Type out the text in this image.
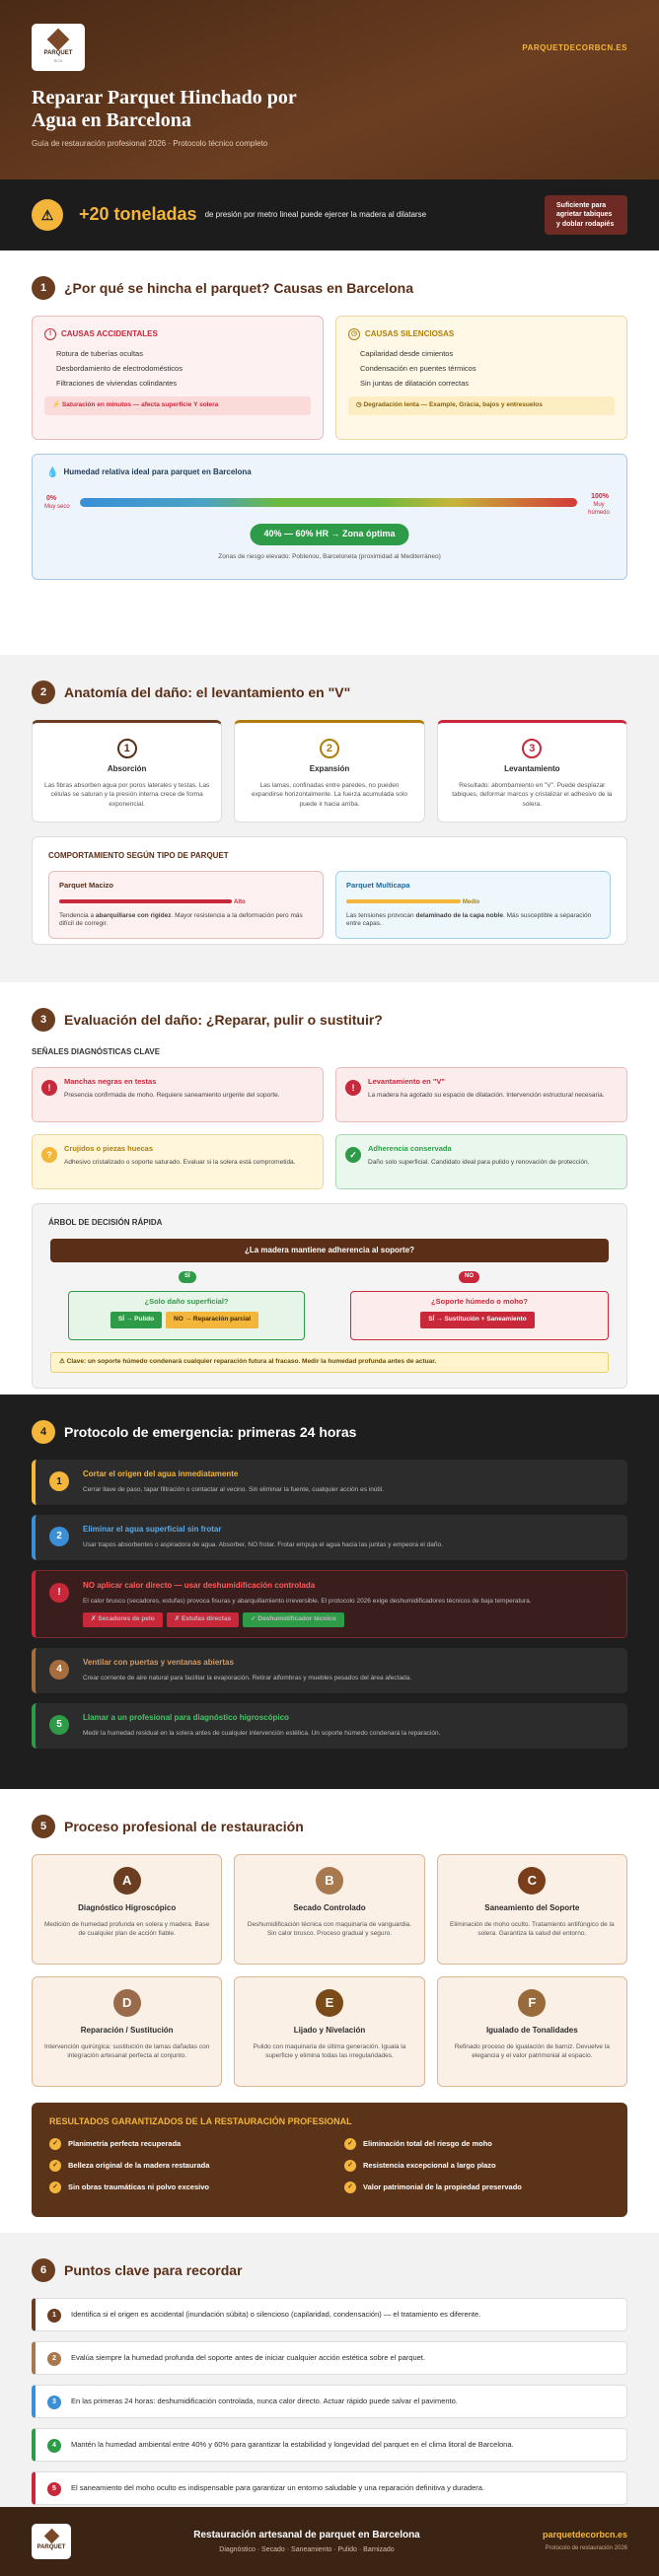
PARQUET
BCN
PARQUETDECORBCN.ES
Reparar Parquet Hinchado por Agua en Barcelona
Guía de restauración profesional 2026 · Protocolo técnico completo
⚠	+20 toneladas de presión por metro lineal puede ejercer la madera al dilatarse
Suficiente para agrietar tabiques y doblar rodapiés
1	¿Por qué se hincha el parquet? Causas en Barcelona
!	CAUSAS ACCIDENTALES
Rotura de tuberías ocultas
Desbordamiento de electrodomésticos
Filtraciones de viviendas colindantes
⚡ Saturación en minutos — afecta superficie Y solera
◷ CAUSAS SILENCIOSAS
Capilaridad desde cimientos
Condensación en puentes térmicos
Sin juntas de dilatación correctas
◷ Degradación lenta — Example, Gràcia, bajos y entresuelos
💧 Humedad relativa ideal para parquet en Barcelona
0%
Muy seco
100%
Muy húmedo
40% — 60% HR → Zona óptima
Zonas de riesgo elevado: Poblenou, Barceloneta (proximidad al Mediterráneo)
2	Anatomía del daño: el levantamiento en "V"
1
Absorción
Las fibras absorben agua por poros laterales y testas. Las células se saturan y la presión interna crece de forma exponencial.
2
Expansión
Las lamas, confinadas entre paredes, no pueden expandirse horizontalmente. La fuerza acumulada solo puede ir hacia arriba.
3
Levantamiento
Resultado: abombamiento en "V". Puede desplazar tabiques, deformar marcos y cristalizar el adhesivo de la solera.
COMPORTAMIENTO SEGÚN TIPO DE PARQUET
Parquet Macizo
Alto
Tendencia a abarquillarse con rigidez. Mayor resistencia a la deformación pero más difícil de corregir.
Parquet Multicapa
Medio
Las tensiones provocan delaminado de la capa noble. Más susceptible a separación entre capas.
3	Evaluación del daño: ¿Reparar, pulir o sustituir?
SEÑALES DIAGNÓSTICAS CLAVE
!
Manchas negras en testas
Presencia confirmada de moho. Requiere saneamiento urgente del soporte.
!
Levantamiento en "V"
La madera ha agotado su espacio de dilatación. Intervención estructural necesaria.
?
Crujidos o piezas huecas
Adhesivo cristalizado o soporte saturado. Evaluar si la solera está comprometida.
✓
Adherencia conservada
Daño solo superficial. Candidato ideal para pulido y renovación de protección.
ÁRBOL DE DECISIÓN RÁPIDA
¿La madera mantiene adherencia al soporte?
SÍ	NO
¿Solo daño superficial?
SÍ → Pulido	NO → Reparación parcial
¿Soporte húmedo o moho?
SÍ → Sustitución + Saneamiento
⚠ Clave: un soporte húmedo condenará cualquier reparación futura al fracaso. Medir la humedad profunda antes de actuar.
4	Protocolo de emergencia: primeras 24 horas
1
Cortar el origen del agua inmediatamente
Cerrar llave de paso, tapar filtración o contactar al vecino. Sin eliminar la fuente, cualquier acción es inútil.
2
Eliminar el agua superficial sin frotar
Usar trapos absorbentes o aspiradora de agua. Absorber, NO frotar. Frotar empuja el agua hacia las juntas y empeora el daño.
!
NO aplicar calor directo — usar deshumidificación controlada
El calor brusco (secadores, estufas) provoca fisuras y abarquillamiento irreversible. El protocolo 2026 exige deshumidificadores técnicos de baja temperatura.
✗ Secadores de pelo	✗ Estufas directas	✓ Deshumidificador técnico
4
Ventilar con puertas y ventanas abiertas
Crear corriente de aire natural para facilitar la evaporación. Retirar alfombras y muebles pesados del área afectada.
5
Llamar a un profesional para diagnóstico higroscópico
Medir la humedad residual en la solera antes de cualquier intervención estética. Un soporte húmedo condenará la reparación.
5	Proceso profesional de restauración
A
Diagnóstico Higroscópico
Medición de humedad profunda en solera y madera. Base de cualquier plan de acción fiable.
B
Secado Controlado
Deshumidificación técnica con maquinaria de vanguardia. Sin calor brusco. Proceso gradual y seguro.
C
Saneamiento del Soporte
Eliminación de moho oculto. Tratamiento antifúngico de la solera. Garantiza la salud del entorno.
D
Reparación / Sustitución
Intervención quirúrgica: sustitución de lamas dañadas con integración artesanal perfecta al conjunto.
E
Lijado y Nivelación
Pulido con maquinaria de última generación. Iguala la superficie y elimina todas las irregularidades.
F
Igualado de Tonalidades
Refinado proceso de igualación de barniz. Devuelve la elegancia y el valor patrimonial al espacio.
RESULTADOS GARANTIZADOS DE LA RESTAURACIÓN PROFESIONAL
✓	Planimetría perfecta recuperada	✓	Eliminación total del riesgo de moho
✓	Belleza original de la madera restaurada	✓	Resistencia excepcional a largo plazo
✓	Sin obras traumáticas ni polvo excesivo	✓	Valor patrimonial de la propiedad preservado
6	Puntos clave para recordar
1	Identifica si el origen es accidental (inundación súbita) o silencioso (capilaridad, condensación) — el tratamiento es diferente.
2	Evalúa siempre la humedad profunda del soporte antes de iniciar cualquier acción estética sobre el parquet.
3	En las primeras 24 horas: deshumidificación controlada, nunca calor directo. Actuar rápido puede salvar el pavimento.
4	Mantén la humedad ambiental entre 40% y 60% para garantizar la estabilidad y longevidad del parquet en el clima litoral de Barcelona.
5	El saneamiento del moho oculto es indispensable para garantizar un entorno saludable y una reparación definitiva y duradera.
PARQUET
Restauración artesanal de parquet en Barcelona
Diagnóstico · Secado · Saneamiento · Pulido · Barnizado
parquetdecorbcn.es
Protocolo de restauración 2026
